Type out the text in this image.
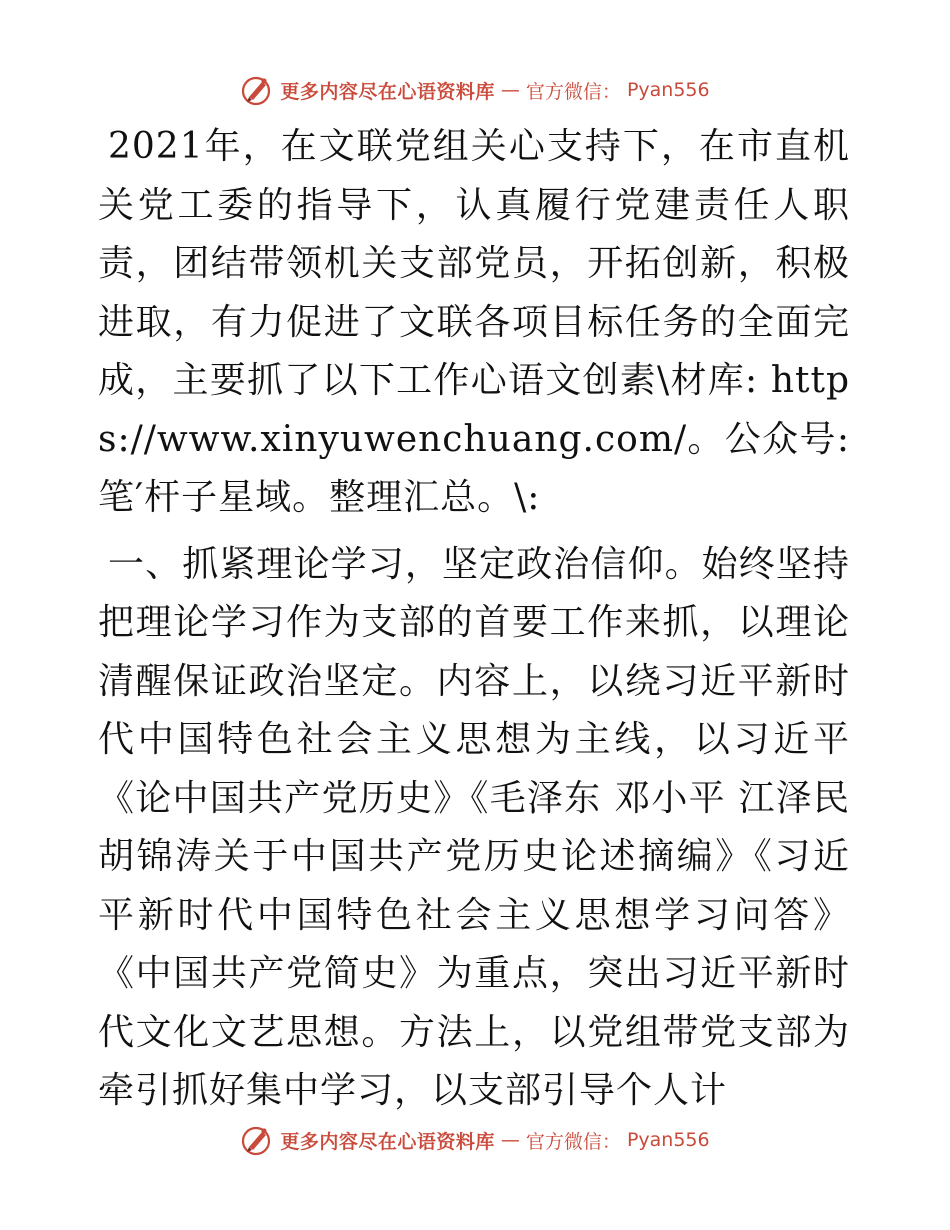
更多内容尽在心语资料库 — 官方微信： Pyan556

2021年，在文联党组关心支持下，在市直机关党工委的指导下，认真履行党建责任人职责，团结带领机关支部党员，开拓创新，积极进取，有力促进了文联各项目标任务的全面完成，主要抓了以下工作心语文创素\材库: https://www.xinyuwenchuang.com/。公众号: 笔′杆子星域。整理汇总。\:

一、抓紧理论学习，坚定政治信仰。始终坚持把理论学习作为支部的首要工作来抓，以理论清醒保证政治坚定。内容上，以绕习近平新时代中国特色社会主义思想为主线，以习近平《论中国共产党历史》《毛泽东 邓小平 江泽民 胡锦涛关于中国共产党历史论述摘编》《习近平新时代中国特色社会主义思想学习问答》《中国共产党简史》为重点，突出习近平新时代文化文艺思想。方法上，以党组带党支部为牵引抓好集中学习，以支部引导个人计

更多内容尽在心语资料库 — 官方微信： Pyan556
